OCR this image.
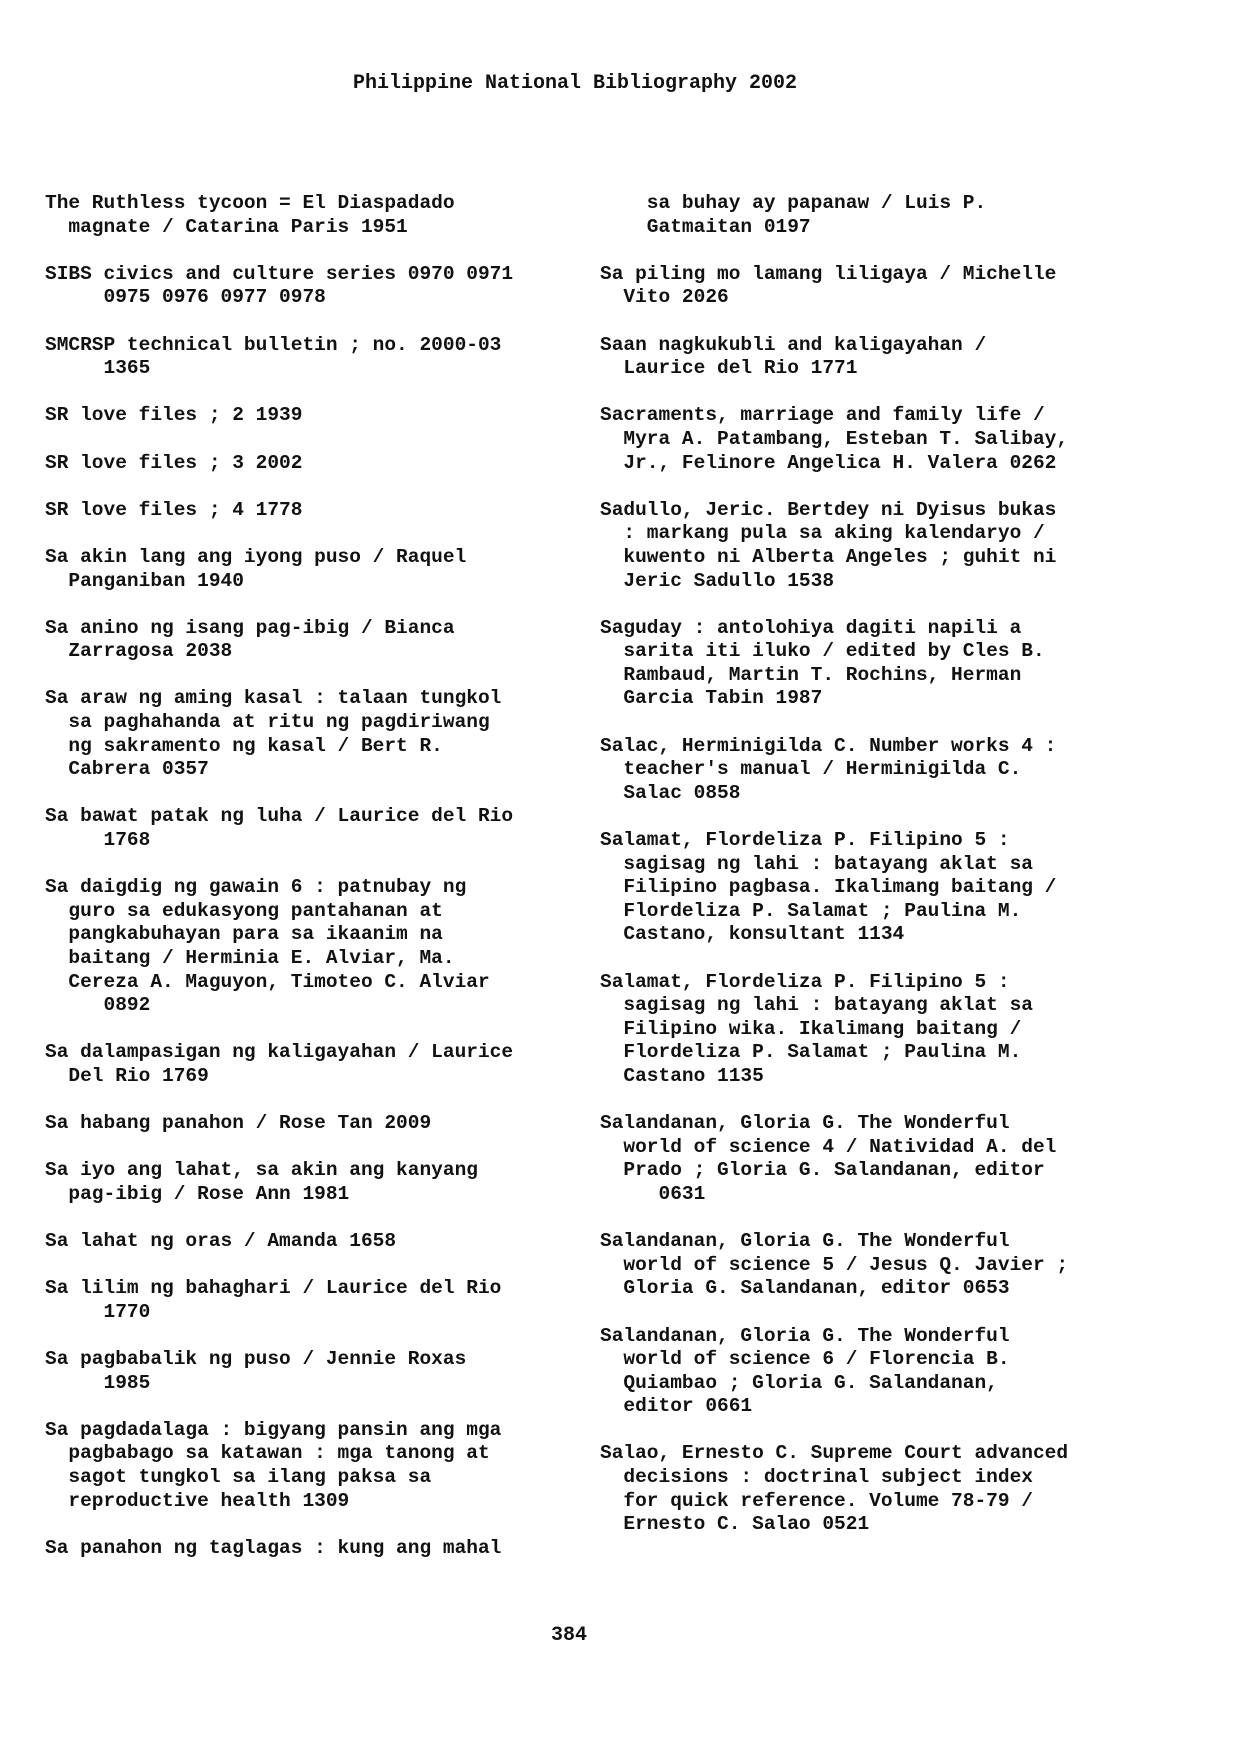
Philippine National Bibliography 2002
The Ruthless tycoon = El Diaspadado
magnate / Catarina Paris 1951
SIBS civics and culture series 0970 0971
0975 0976 0977 0978
SMCRSP technical bulletin ; no. 2000-03
1365
SR love files ; 2 1939
SR love files ; 3 2002
SR love files ; 4 1778
Sa akin lang ang iyong puso / Raquel
Panganiban 1940
Sa anino ng isang pag-ibig / Bianca
Zarragosa 2038
Sa araw ng aming kasal : talaan tungkol
sa paghahanda at ritu ng pagdiriwang
ng sakramento ng kasal / Bert R.
Cabrera 0357
Sa bawat patak ng luha / Laurice del Rio
1768
Sa daigdig ng gawain 6 : patnubay ng
guro sa edukasyong pantahanan at
pangkabuhayan para sa ikaanim na
baitang / Herminia E. Alviar, Ma.
Cereza A. Maguyon, Timoteo C. Alviar
0892
Sa dalampasigan ng kaligayahan / Laurice
Del Rio 1769
Sa habang panahon / Rose Tan 2009
Sa iyo ang lahat, sa akin ang kanyang
pag-ibig / Rose Ann 1981
Sa lahat ng oras / Amanda 1658
Sa lilim ng bahaghari / Laurice del Rio
1770
Sa pagbabalik ng puso / Jennie Roxas
1985
Sa pagdadalaga : bigyang pansin ang mga
pagbabago sa katawan : mga tanong at
sagot tungkol sa ilang paksa sa
reproductive health 1309
Sa panahon ng taglagas : kung ang mahal
sa buhay ay papanaw / Luis P.
Gatmaitan 0197
Sa piling mo lamang liligaya / Michelle
Vito 2026
Saan nagkukubli and kaligayahan /
Laurice del Rio 1771
Sacraments, marriage and family life /
Myra A. Patambang, Esteban T. Salibay,
Jr., Felinore Angelica H. Valera 0262
Sadullo, Jeric. Bertdey ni Dyisus bukas
: markang pula sa aking kalendaryo /
kuwento ni Alberta Angeles ; guhit ni
Jeric Sadullo 1538
Saguday : antolohiya dagiti napili a
sarita iti iluko / edited by Cles B.
Rambaud, Martin T. Rochins, Herman
Garcia Tabin 1987
Salac, Herminigilda C. Number works 4 :
teacher's manual / Herminigilda C.
Salac 0858
Salamat, Flordeliza P. Filipino 5 :
sagisag ng lahi : batayang aklat sa
Filipino pagbasa. Ikalimang baitang /
Flordeliza P. Salamat ; Paulina M.
Castano, konsultant 1134
Salamat, Flordeliza P. Filipino 5 :
sagisag ng lahi : batayang aklat sa
Filipino wika. Ikalimang baitang /
Flordeliza P. Salamat ; Paulina M.
Castano 1135
Salandanan, Gloria G. The Wonderful
world of science 4 / Natividad A. del
Prado ; Gloria G. Salandanan, editor
0631
Salandanan, Gloria G. The Wonderful
world of science 5 / Jesus Q. Javier ;
Gloria G. Salandanan, editor 0653
Salandanan, Gloria G. The Wonderful
world of science 6 / Florencia B.
Quiambao ; Gloria G. Salandanan,
editor 0661
Salao, Ernesto C. Supreme Court advanced
decisions : doctrinal subject index
for quick reference. Volume 78-79 /
Ernesto C. Salao 0521
384
